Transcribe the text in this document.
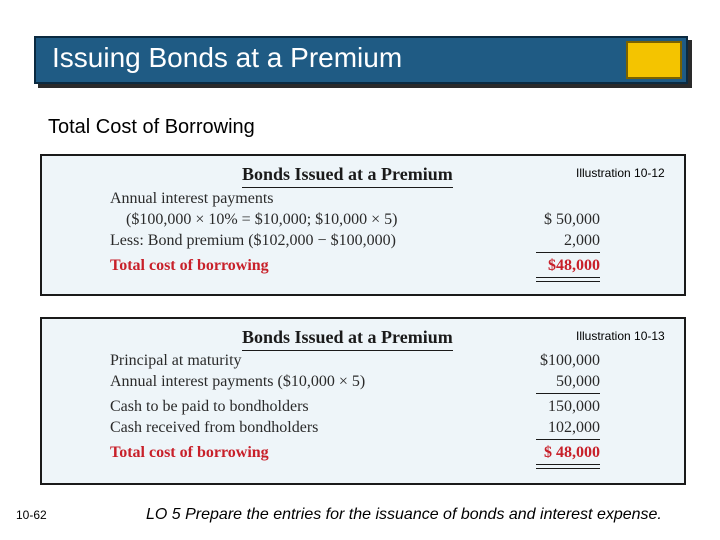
Issuing Bonds at a Premium
Total Cost of Borrowing
Illustration 10-12
Bonds Issued at a Premium
Annual interest payments
($100,000 × 10% = $10,000; $10,000 × 5)	$ 50,000
Less: Bond premium ($102,000 − $100,000)	2,000
Total cost of borrowing	$48,000
Illustration 10-13
Bonds Issued at a Premium
Principal at maturity	$100,000
Annual interest payments ($10,000 × 5)	50,000
Cash to be paid to bondholders	150,000
Cash received from bondholders	102,000
Total cost of borrowing	$ 48,000
10-62	LO 5 Prepare the entries for the issuance of bonds and interest expense.
